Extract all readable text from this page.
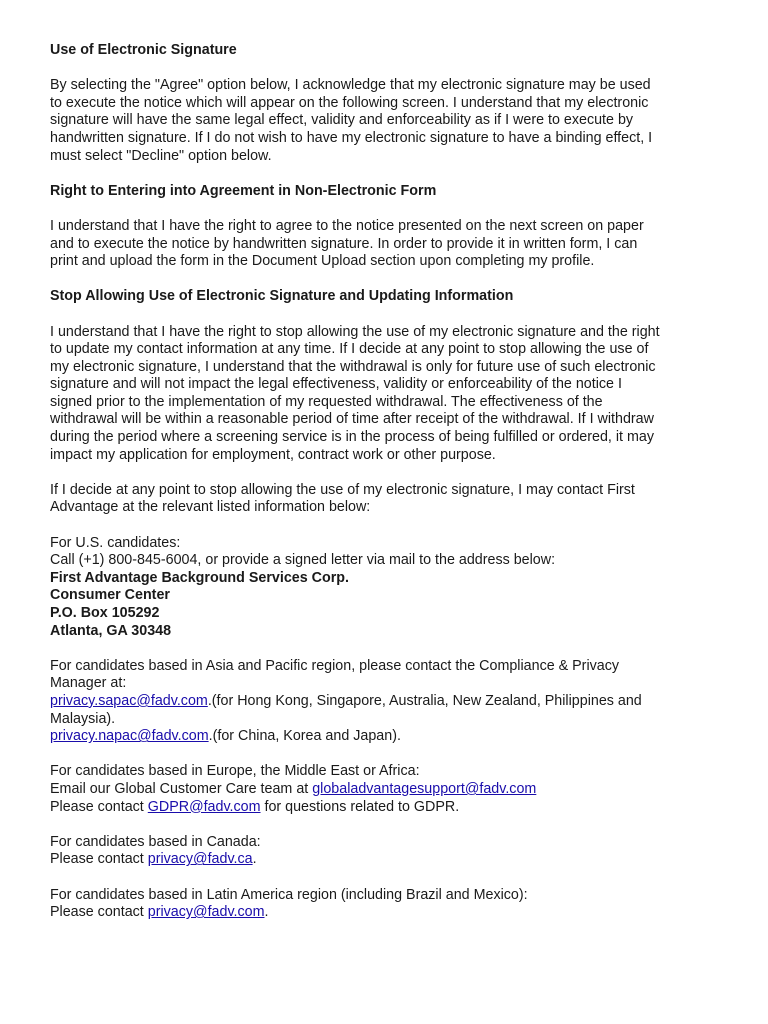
Use of Electronic Signature

By selecting the "Agree" option below, I acknowledge that my electronic signature may be used to execute the notice which will appear on the following screen. I understand that my electronic signature will have the same legal effect, validity and enforceability as if I were to execute by handwritten signature. If I do not wish to have my electronic signature to have a binding effect, I must select "Decline" option below.

Right to Entering into Agreement in Non-Electronic Form

I understand that I have the right to agree to the notice presented on the next screen on paper and to execute the notice by handwritten signature. In order to provide it in written form, I can print and upload the form in the Document Upload section upon completing my profile.

Stop Allowing Use of Electronic Signature and Updating Information

I understand that I have the right to stop allowing the use of my electronic signature and the right to update my contact information at any time. If I decide at any point to stop allowing the use of my electronic signature, I understand that the withdrawal is only for future use of such electronic signature and will not impact the legal effectiveness, validity or enforceability of the notice I signed prior to the implementation of my requested withdrawal. The effectiveness of the withdrawal will be within a reasonable period of time after receipt of the withdrawal. If I withdraw during the period where a screening service is in the process of being fulfilled or ordered, it may impact my application for employment, contract work or other purpose.

If I decide at any point to stop allowing the use of my electronic signature, I may contact First Advantage at the relevant listed information below:

For U.S. candidates:
Call (+1) 800-845-6004, or provide a signed letter via mail to the address below:
First Advantage Background Services Corp.
Consumer Center
P.O. Box 105292
Atlanta, GA 30348
For candidates based in Asia and Pacific region, please contact the Compliance & Privacy Manager at:
privacy.sapac@fadv.com.(for Hong Kong, Singapore, Australia, New Zealand, Philippines and Malaysia).
privacy.napac@fadv.com.(for China, Korea and Japan).
For candidates based in Europe, the Middle East or Africa:
Email our Global Customer Care team at globaladvantagesupport@fadv.com
Please contact GDPR@fadv.com for questions related to GDPR.
For candidates based in Canada:
Please contact privacy@fadv.ca.
For candidates based in Latin America region (including Brazil and Mexico):
Please contact privacy@fadv.com.
